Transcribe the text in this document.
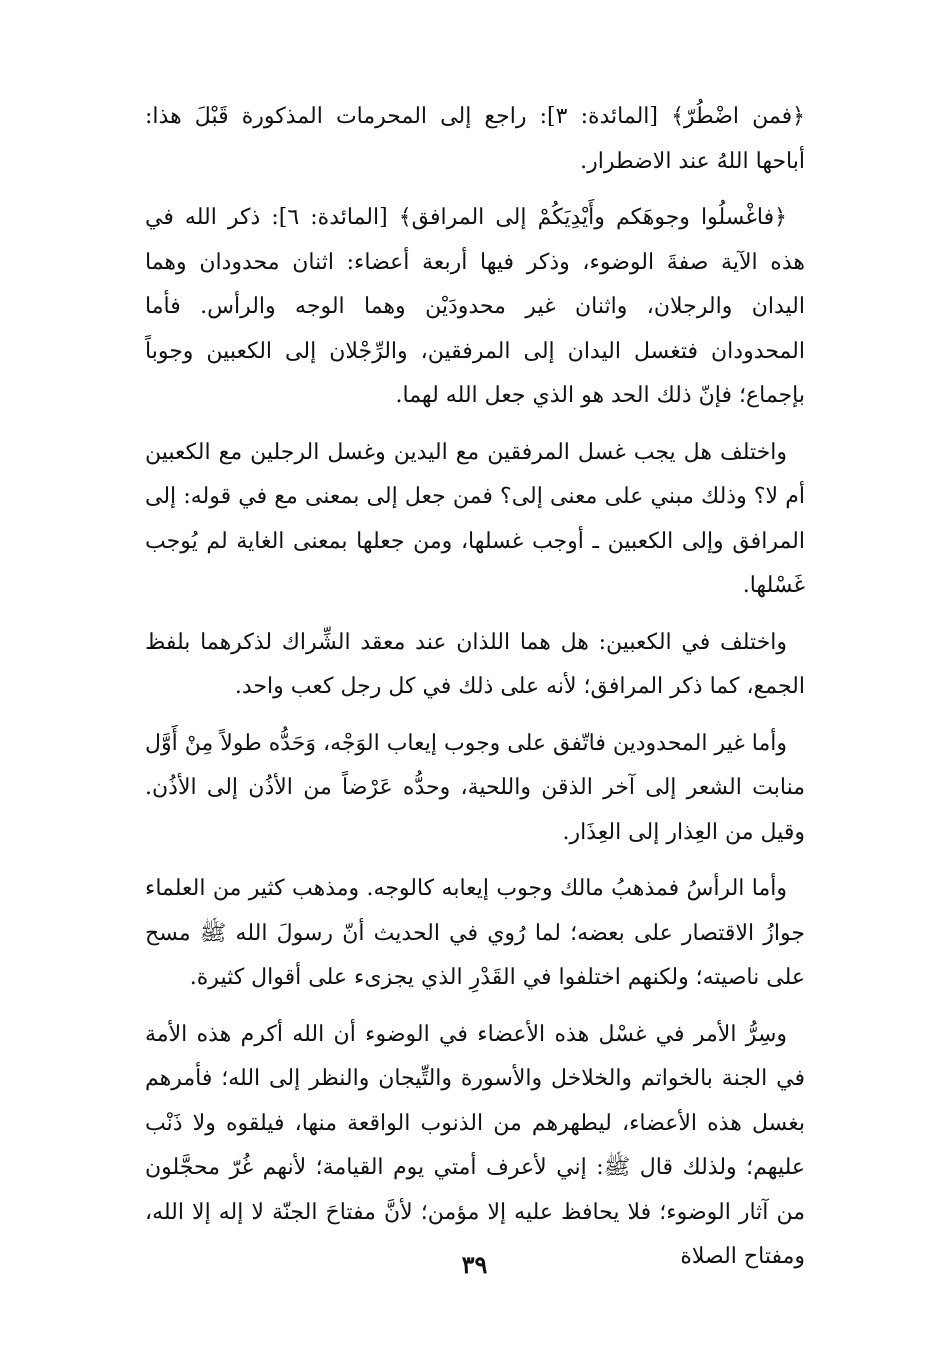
﴿فمن اضْطُرّ﴾ [المائدة: ٣]: راجع إلى المحرمات المذكورة قَبْلَ هذا: أباحها اللهُ عند الاضطرار.

﴿فاغْسلُوا وجوهَكم وأَيْدِيَكُمْ إلى المرافق﴾ [المائدة: ٦]: ذكر الله في هذه الآية صفةَ الوضوء، وذكر فيها أربعة أعضاء: اثنان محدودان وهما اليدان والرجلان، واثنان غير محدودَيْن وهما الوجه والرأس. فأما المحدودان فتغسل اليدان إلى المرفقين، والرِّجْلان إلى الكعبين وجوباً بإجماع؛ فإنّ ذلك الحد هو الذي جعل الله لهما.

واختلف هل يجب غسل المرفقين مع اليدين وغسل الرجلين مع الكعبين أم لا؟ وذلك مبني على معنى إلى؟ فمن جعل إلى بمعنى مع في قوله: إلى المرافق وإلى الكعبين ـ أوجب غسلها، ومن جعلها بمعنى الغاية لم يُوجب غَسْلها.

واختلف في الكعبين: هل هما اللذان عند معقد الشِّراك لذكرهما بلفظ الجمع، كما ذكر المرافق؛ لأنه على ذلك في كل رجل كعب واحد.

وأما غير المحدودين فاتّفق على وجوب إيعاب الوَجْه، وَحَدُّه طولاً مِنْ أَوَّل منابت الشعر إلى آخر الذقن واللحية، وحدُّه عَرْضاً من الأذُن إلى الأذُن. وقيل من العِذار إلى العِذَار.

وأما الرأسُ فمذهبُ مالك وجوب إيعابه كالوجه. ومذهب كثير من العلماء جوازُ الاقتصار على بعضه؛ لما رُوي في الحديث أنّ رسولَ الله ﷺ مسح على ناصيته؛ ولكنهم اختلفوا في القَدْرِ الذي يجزىء على أقوال كثيرة.

وسِرُّ الأمر في غسْل هذه الأعضاء في الوضوء أن الله أكرم هذه الأمة في الجنة بالخواتم والخلاخل والأسورة والتِّيجان والنظر إلى الله؛ فأمرهم بغسل هذه الأعضاء، ليطهرهم من الذنوب الواقعة منها، فيلقوه ولا ذَنْب عليهم؛ ولذلك قال ﷺ: إني لأعرف أمتي يوم القيامة؛ لأنهم غُرّ محجَّلون من آثار الوضوء؛ فلا يحافظ عليه إلا مؤمن؛ لأنَّ مفتاحَ الجنّة لا إله إلا الله، ومفتاح الصلاة

٣٩
